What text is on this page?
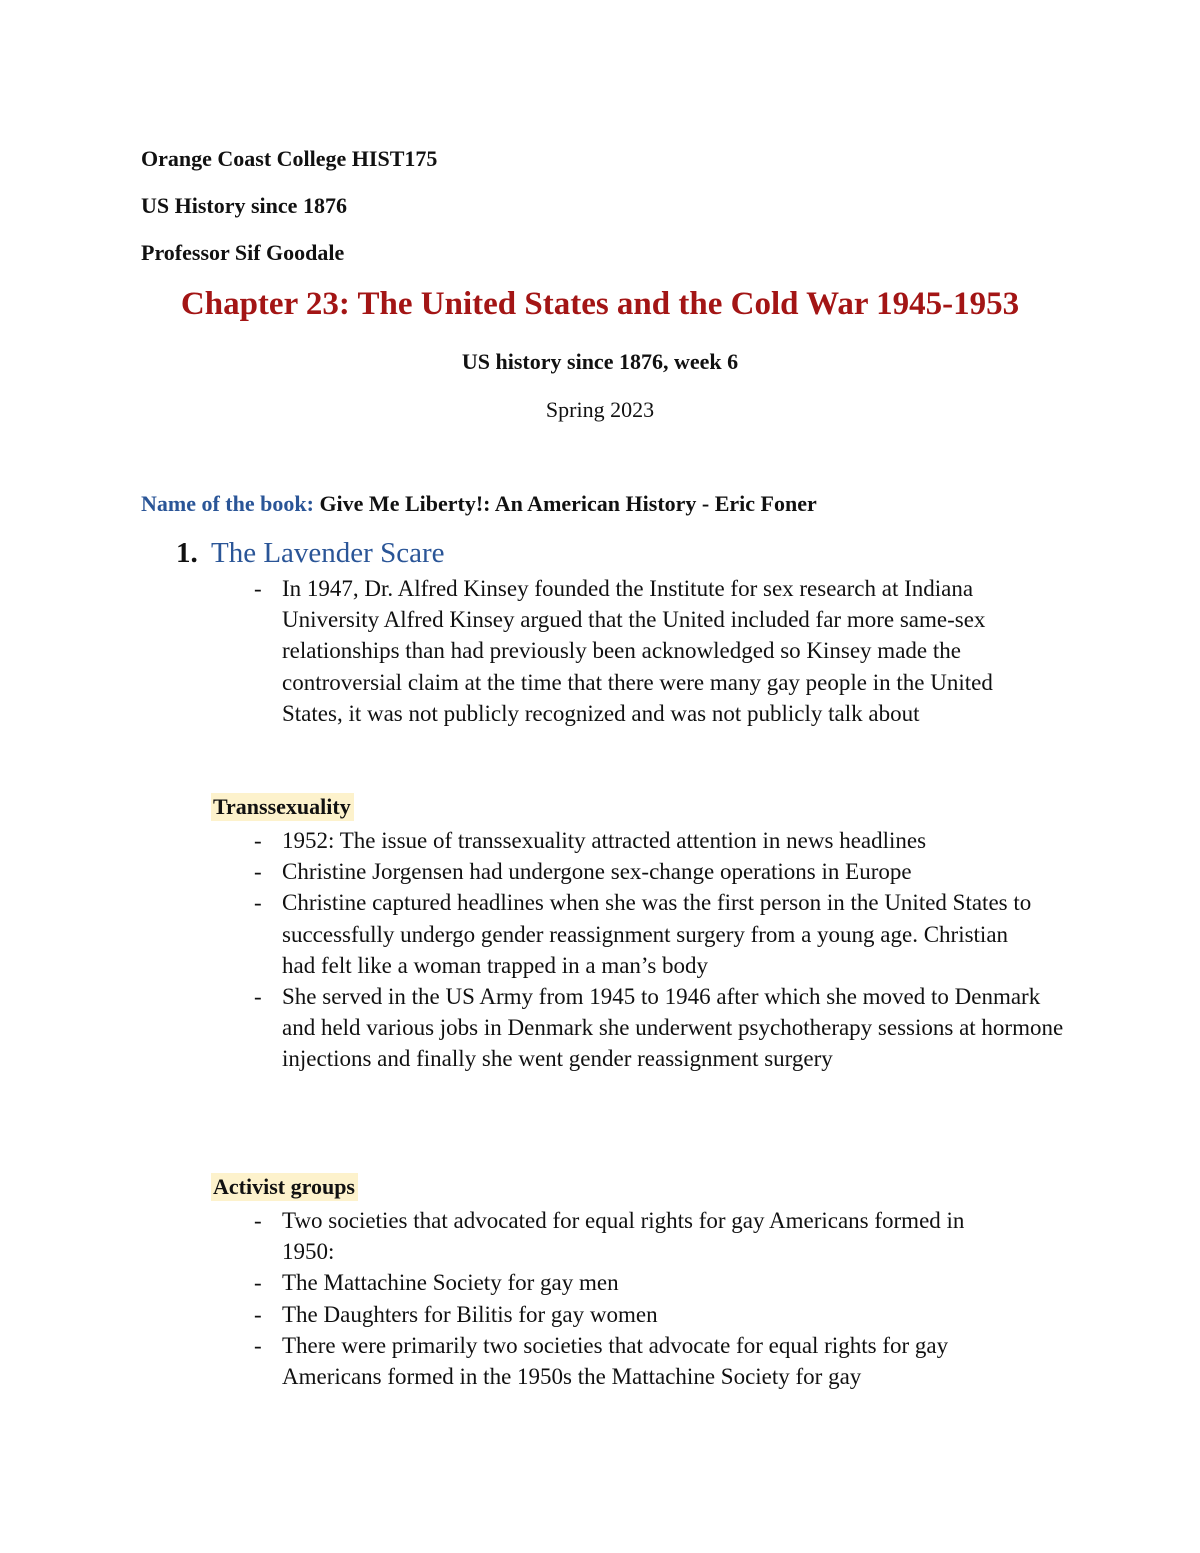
Orange Coast College HIST175
US History since 1876
Professor Sif Goodale
Chapter 23: The United States and the Cold War 1945-1953
US history since 1876, week 6
Spring 2023
Name of the book: Give Me Liberty!: An American History - Eric Foner
1. The Lavender Scare
- In 1947, Dr. Alfred Kinsey founded the Institute for sex research at Indiana University Alfred Kinsey argued that the United included far more same-sex relationships than had previously been acknowledged so Kinsey made the controversial claim at the time that there were many gay people in the United States, it was not publicly recognized and was not publicly talk about
Transsexuality
- 1952: The issue of transsexuality attracted attention in news headlines
- Christine Jorgensen had undergone sex-change operations in Europe
- Christine captured headlines when she was the first person in the United States to successfully undergo gender reassignment surgery from a young age. Christian had felt like a woman trapped in a man’s body
- She served in the US Army from 1945 to 1946 after which she moved to Denmark and held various jobs in Denmark she underwent psychotherapy sessions at hormone injections and finally she went gender reassignment surgery
Activist groups
- Two societies that advocated for equal rights for gay Americans formed in 1950:
- The Mattachine Society for gay men
- The Daughters for Bilitis for gay women
- There were primarily two societies that advocate for equal rights for gay Americans formed in the 1950s the Mattachine Society for gay
